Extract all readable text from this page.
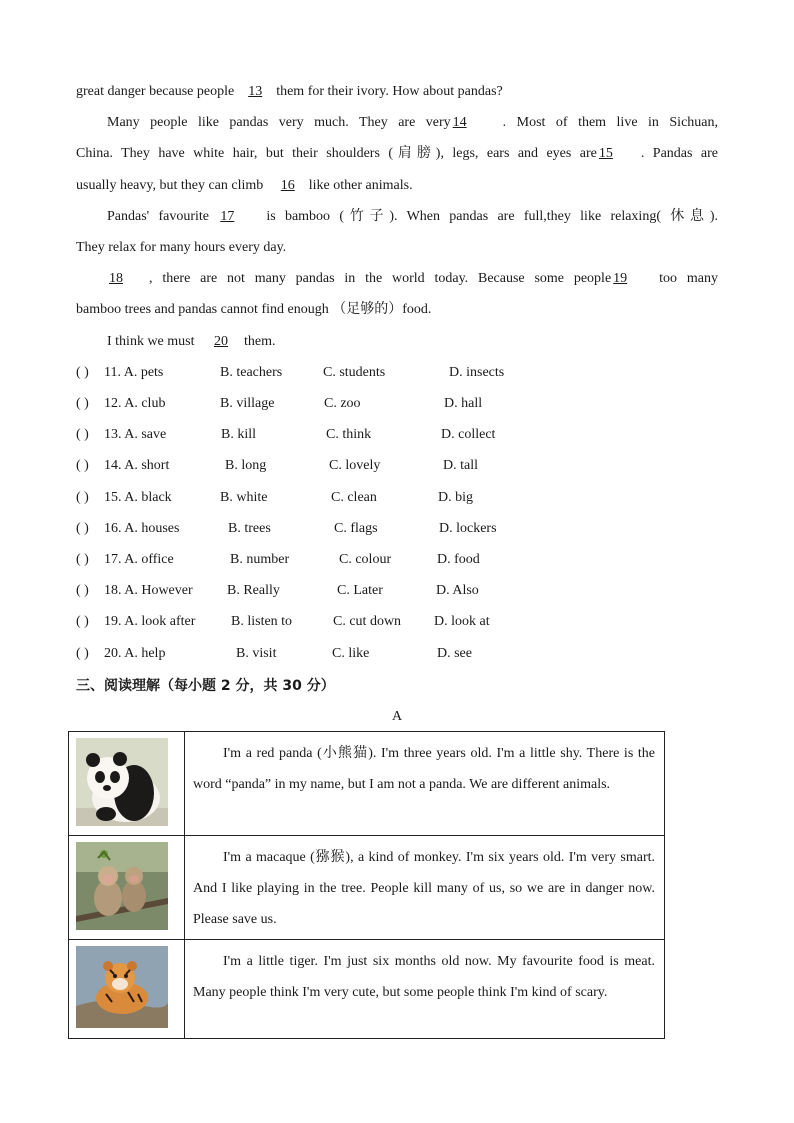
great danger because people 13 them for their ivory. How about pandas?
Many people like pandas very much. They are very 14	. Most of them live in Sichuan,
China. They have white hair, but their shoulders (肩膀), legs, ears and eyes are 15 . Pandas are
usually heavy, but they can climb 16 like other animals.
Pandas' favourite 17 is bamboo (竹子). When pandas are full,they like relaxing( 休息).
They relax for many hours every day.
18 , there are not many pandas in the world today. Because some people 19 too many
bamboo trees and pandas cannot find enough （足够的）food.
I think we must 20 them.
( ) 11. A. pets	B. teachers	C. students	D. insects
( ) 12. A. club	B. village	C. zoo	D. hall
( ) 13. A. save	B. kill	C. think	D. collect
( ) 14. A. short	B. long	C. lovely	D. tall
( ) 15. A. black	B. white	C. clean	D. big
( ) 16. A. houses	B. trees	C. flags	D. lockers
( ) 17. A. office	B. number	C. colour	D. food
( ) 18. A. However B. Really	C. Later	D. Also
( ) 19. A. look after	B. listen to	C. cut down D. look at
( ) 20. A. help	B. visit	C. like	D. see
三、阅读理解（每小题 2 分，共 30 分）
A

I'm a red panda (小熊猫). I'm three years old. I'm a little shy. There is the word “panda” in my name, but I am not a panda. We are different animals.

I'm a macaque (猕猴), a kind of monkey. I'm six years old. I'm very smart. And I like playing in the tree. People kill many of us, so we are in danger now. Please save us.

I'm a little tiger. I'm just six months old now. My favourite food is meat. Many people think I'm very cute, but some people think I'm kind of scary.
